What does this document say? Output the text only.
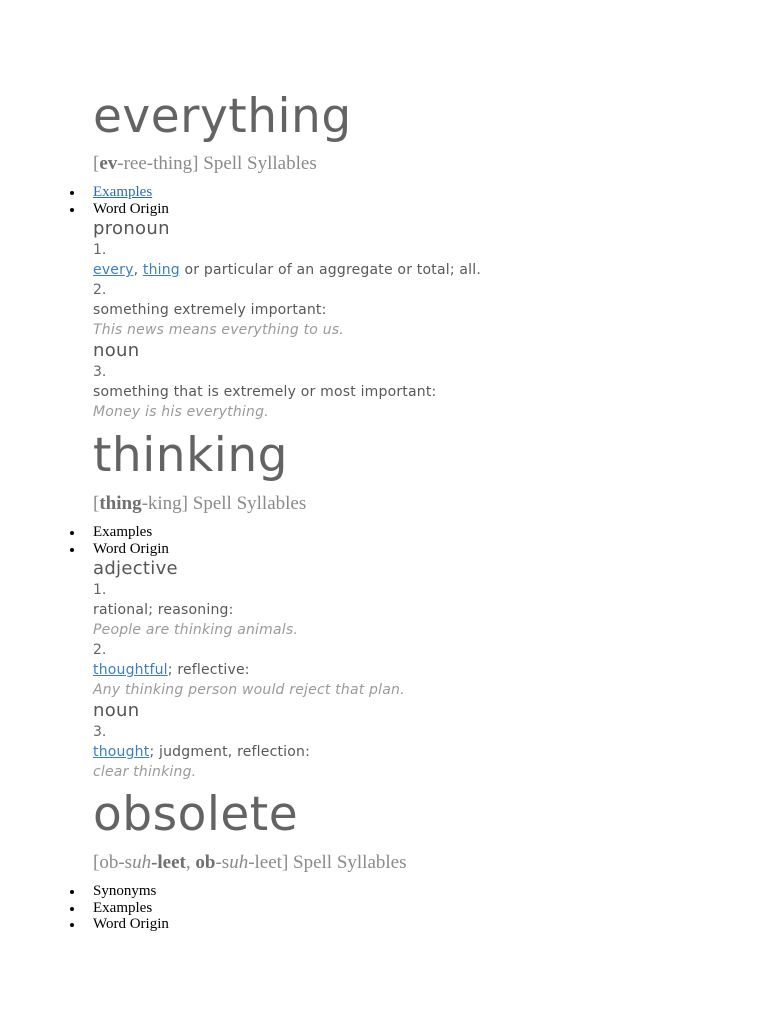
everything
[ev-ree-thing] Spell Syllables
Examples
Word Origin
pronoun
1.
every, thing or particular of an aggregate or total; all.
2.
something extremely important:
This news means everything to us.
noun
3.
something that is extremely or most important:
Money is his everything.
thinking
[thing-king] Spell Syllables
Examples
Word Origin
adjective
1.
rational; reasoning:
People are thinking animals.
2.
thoughtful; reflective:
Any thinking person would reject that plan.
noun
3.
thought; judgment, reflection:
clear thinking.
obsolete
[ob-suh-leet, ob-suh-leet] Spell Syllables
Synonyms
Examples
Word Origin
